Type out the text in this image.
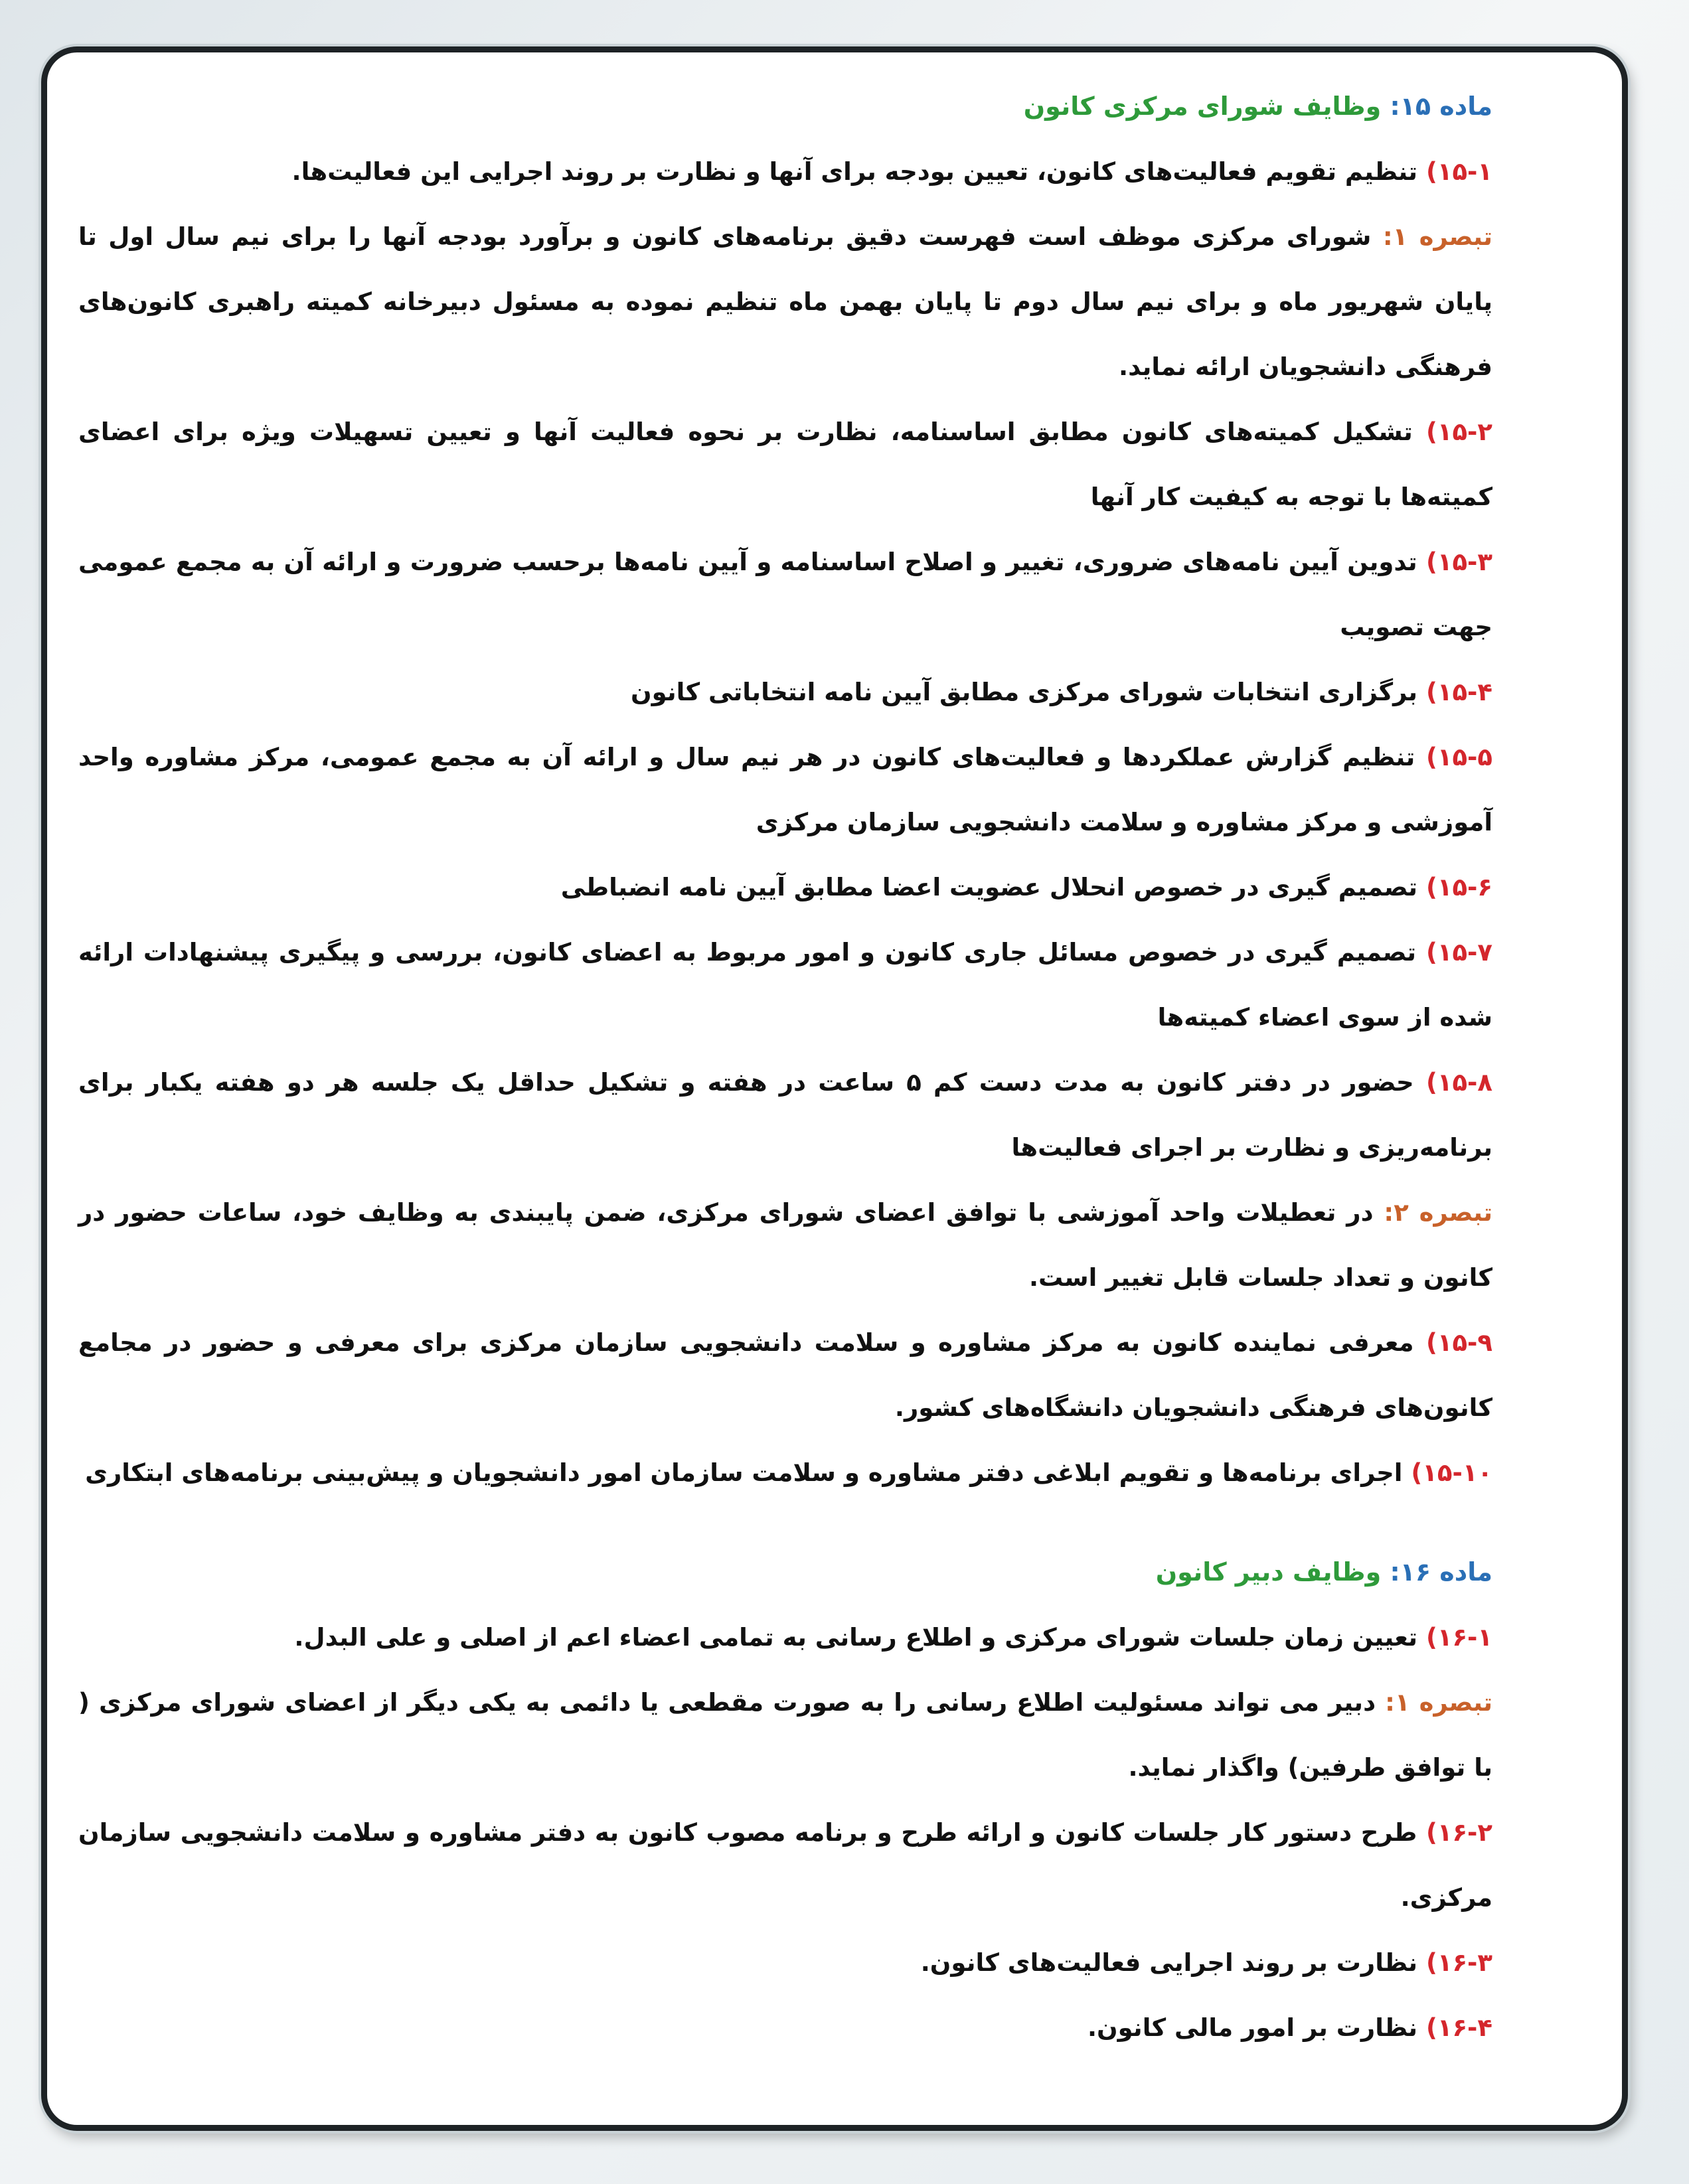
ماده ۱۵: وظایف شورای مرکزی کانون

۱۵-۱) تنظیم تقویم فعالیت‌های کانون، تعیین بودجه برای آنها و نظارت بر روند اجرایی این فعالیت‌ها.

تبصره ۱: شورای مرکزی موظف است فهرست دقیق برنامه‌های کانون و برآورد بودجه آنها را برای نیم سال اول تا پایان شهریور ماه و برای نیم سال دوم تا پایان بهمن ماه تنظیم نموده به مسئول دبیرخانه کمیته راهبری کانون‌های فرهنگی دانشجویان ارائه نماید.

۱۵-۲) تشکیل کمیته‌های کانون مطابق اساسنامه، نظارت بر نحوه فعالیت آنها و تعیین تسهیلات ویژه برای اعضای کمیته‌ها با توجه به کیفیت کار آنها

۱۵-۳) تدوین آیین نامه‌های ضروری، تغییر و اصلاح اساسنامه و آیین نامه‌ها برحسب ضرورت و ارائه آن به مجمع عمومی جهت تصویب

۱۵-۴) برگزاری انتخابات شورای مرکزی مطابق آیین نامه انتخاباتی کانون

۱۵-۵) تنظیم گزارش عملکردها و فعالیت‌های کانون در هر نیم سال و ارائه آن به مجمع عمومی، مرکز مشاوره واحد آموزشی و مرکز مشاوره و سلامت دانشجویی سازمان مرکزی

۱۵-۶) تصمیم گیری در خصوص انحلال عضویت اعضا مطابق آیین نامه انضباطی

۱۵-۷) تصمیم گیری در خصوص مسائل جاری کانون و امور مربوط به اعضای کانون، بررسی و پیگیری پیشنهادات ارائه شده از سوی اعضاء کمیته‌ها

۱۵-۸) حضور در دفتر کانون به مدت دست کم ۵ ساعت در هفته و تشکیل حداقل یک جلسه هر دو هفته یکبار برای برنامه‌ریزی و نظارت بر اجرای فعالیت‌ها

تبصره ۲: در تعطیلات واحد آموزشی با توافق اعضای شورای مرکزی، ضمن پایبندی به وظایف خود، ساعات حضور در کانون و تعداد جلسات قابل تغییر است.

۱۵-۹) معرفی نماینده کانون به مرکز مشاوره و سلامت دانشجویی سازمان مرکزی برای معرفی و حضور در مجامع کانون‌های فرهنگی دانشجویان دانشگاه‌های کشور.

۱۵-۱۰) اجرای برنامه‌ها و تقویم ابلاغی دفتر مشاوره و سلامت سازمان امور دانشجویان و پیش‌بینی برنامه‌های ابتکاری

ماده ۱۶: وظایف دبیر کانون

۱۶-۱) تعیین زمان جلسات شورای مرکزی و اطلاع رسانی به تمامی اعضاء اعم از اصلی و علی البدل.

تبصره ۱: دبیر می تواند مسئولیت اطلاع رسانی را به صورت مقطعی یا دائمی به یکی دیگر از اعضای شورای مرکزی ( با توافق طرفین) واگذار نماید.

۱۶-۲) طرح دستور کار جلسات کانون و ارائه طرح و برنامه مصوب کانون به دفتر مشاوره و سلامت دانشجویی سازمان مرکزی.

۱۶-۳) نظارت بر روند اجرایی فعالیت‌های کانون.

۱۶-۴) نظارت بر امور مالی کانون.
